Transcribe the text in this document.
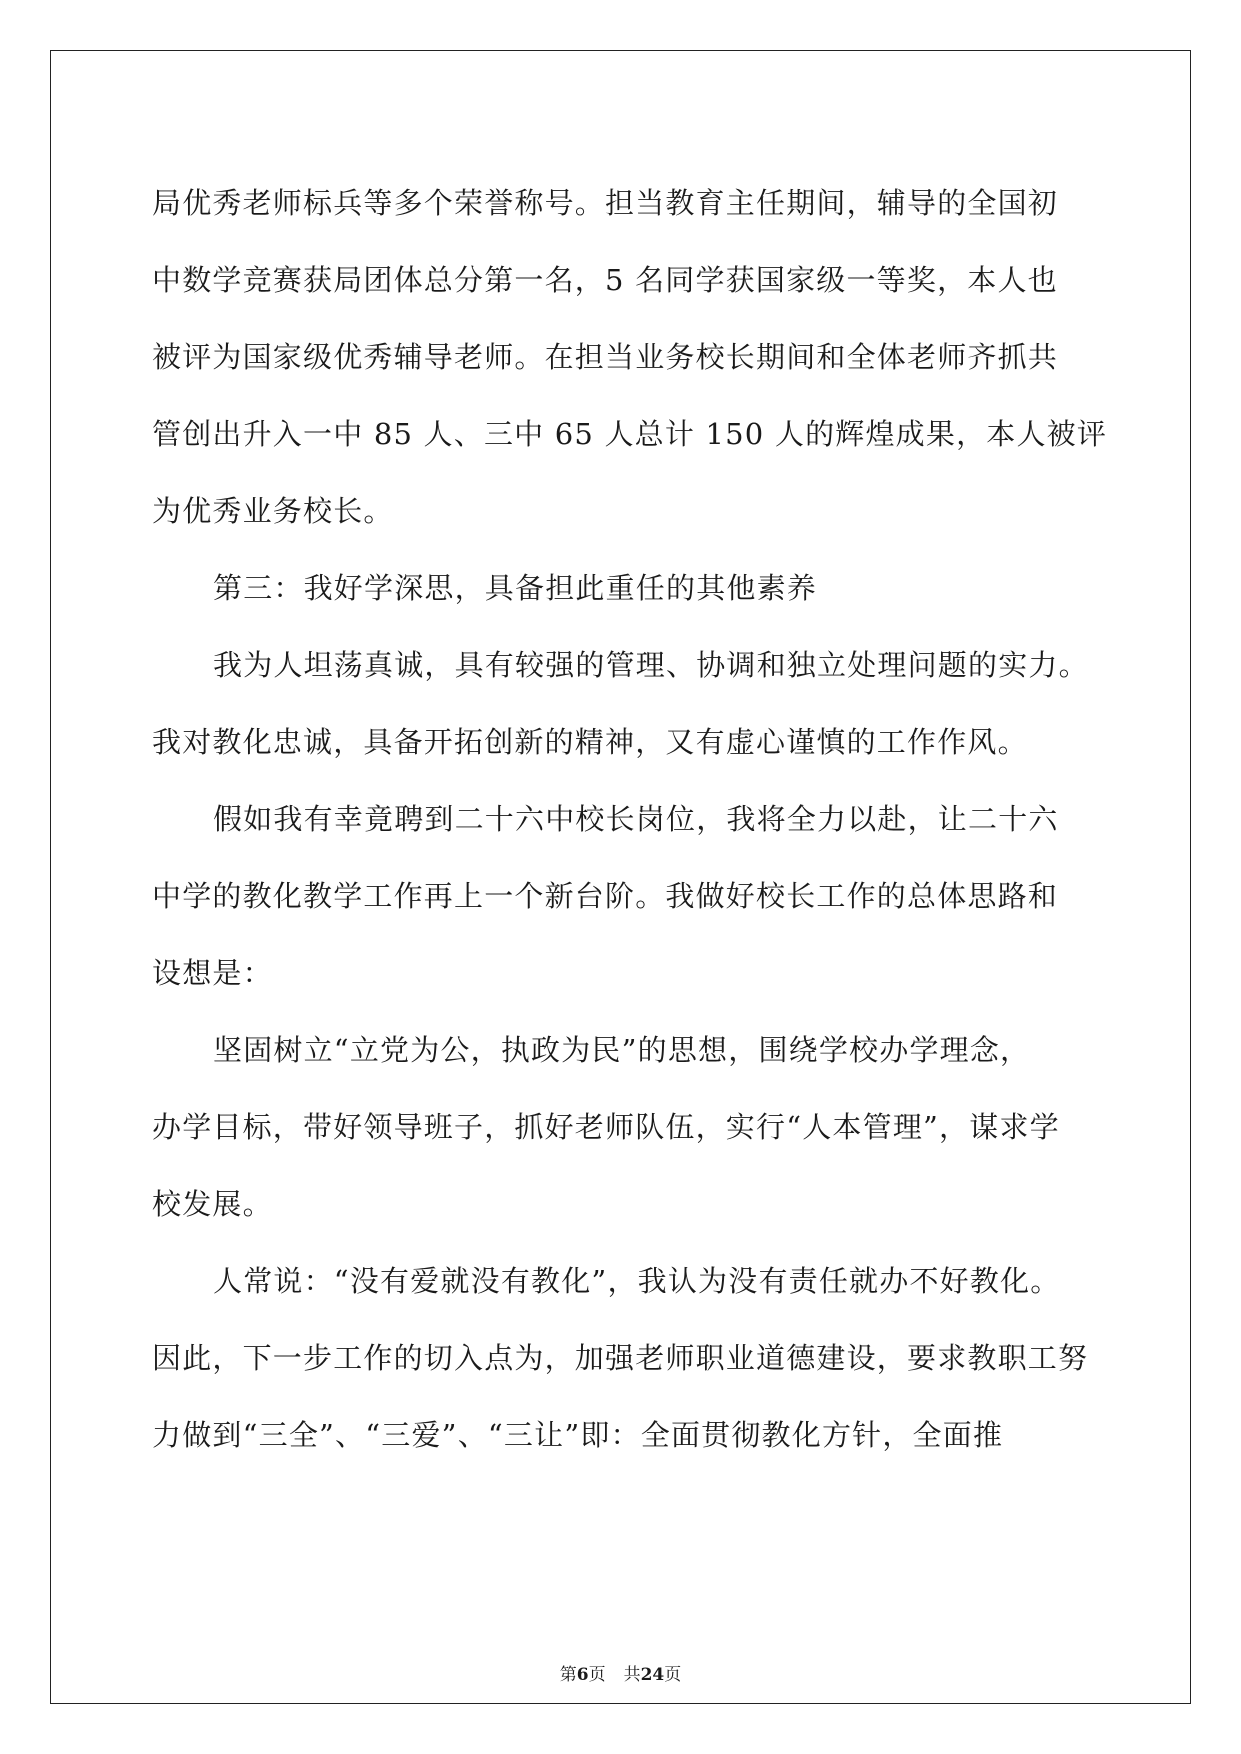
局优秀老师标兵等多个荣誉称号。担当教育主任期间，辅导的全国初
中数学竞赛获局团体总分第一名，5 名同学获国家级一等奖，本人也
被评为国家级优秀辅导老师。在担当业务校长期间和全体老师齐抓共
管创出升入一中 85 人、三中 65 人总计 150 人的辉煌成果，本人被评
为优秀业务校长。
第三：我好学深思，具备担此重任的其他素养
我为人坦荡真诚，具有较强的管理、协调和独立处理问题的实力。
我对教化忠诚，具备开拓创新的精神，又有虚心谨慎的工作作风。
假如我有幸竟聘到二十六中校长岗位，我将全力以赴，让二十六
中学的教化教学工作再上一个新台阶。我做好校长工作的总体思路和
设想是：
坚固树立“立党为公，执政为民”的思想，围绕学校办学理念，
办学目标，带好领导班子，抓好老师队伍，实行“人本管理”，谋求学
校发展。
人常说：“没有爱就没有教化”，我认为没有责任就办不好教化。
因此，下一步工作的切入点为，加强老师职业道德建设，要求教职工努
力做到“三全”、“三爱”、“三让”即：全面贯彻教化方针，全面推
第6页 共24页
